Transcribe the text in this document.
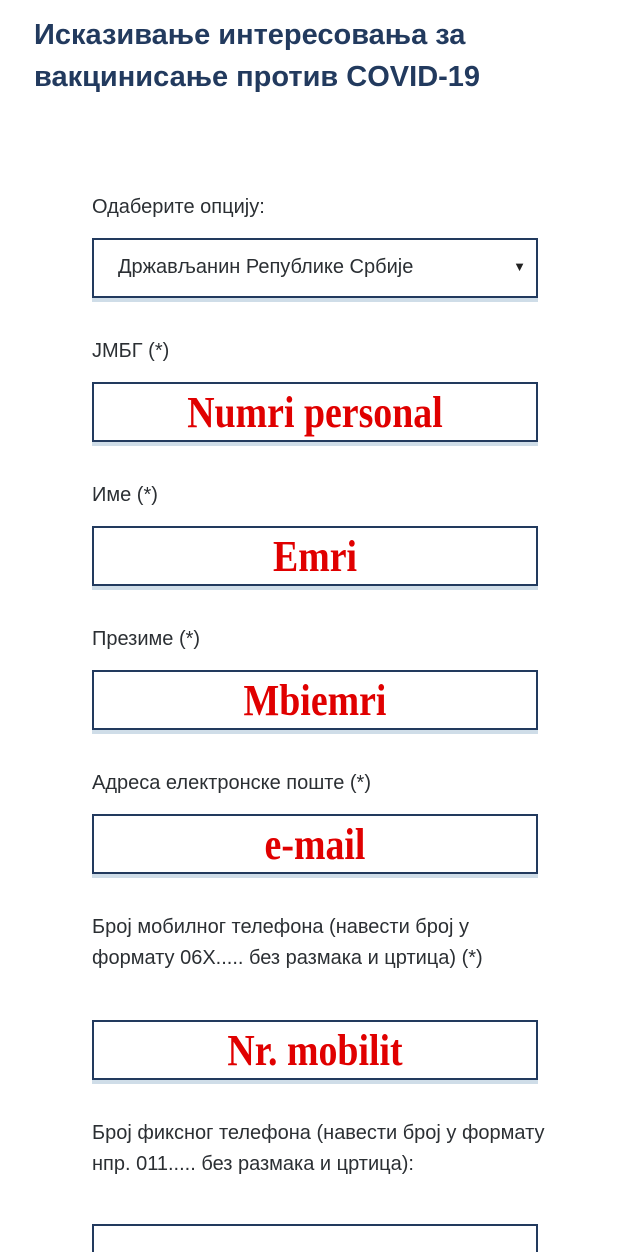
Исказивање интересовања за вакцинисање против COVID-19
Одаберите опцију:
Држављанин Републике Србије	▼
ЈМБГ (*)
Numri personal
Име (*)
Emri
Презиме (*)
Mbiemri
Адреса електронске поште (*)
e-mail
Број мобилног телефона (навести број у формату 06X..... без размака и цртица) (*)
Nr. mobilit
Број фиксног телефона (навести број у формату нпр. 011..... без размака и цртица):
